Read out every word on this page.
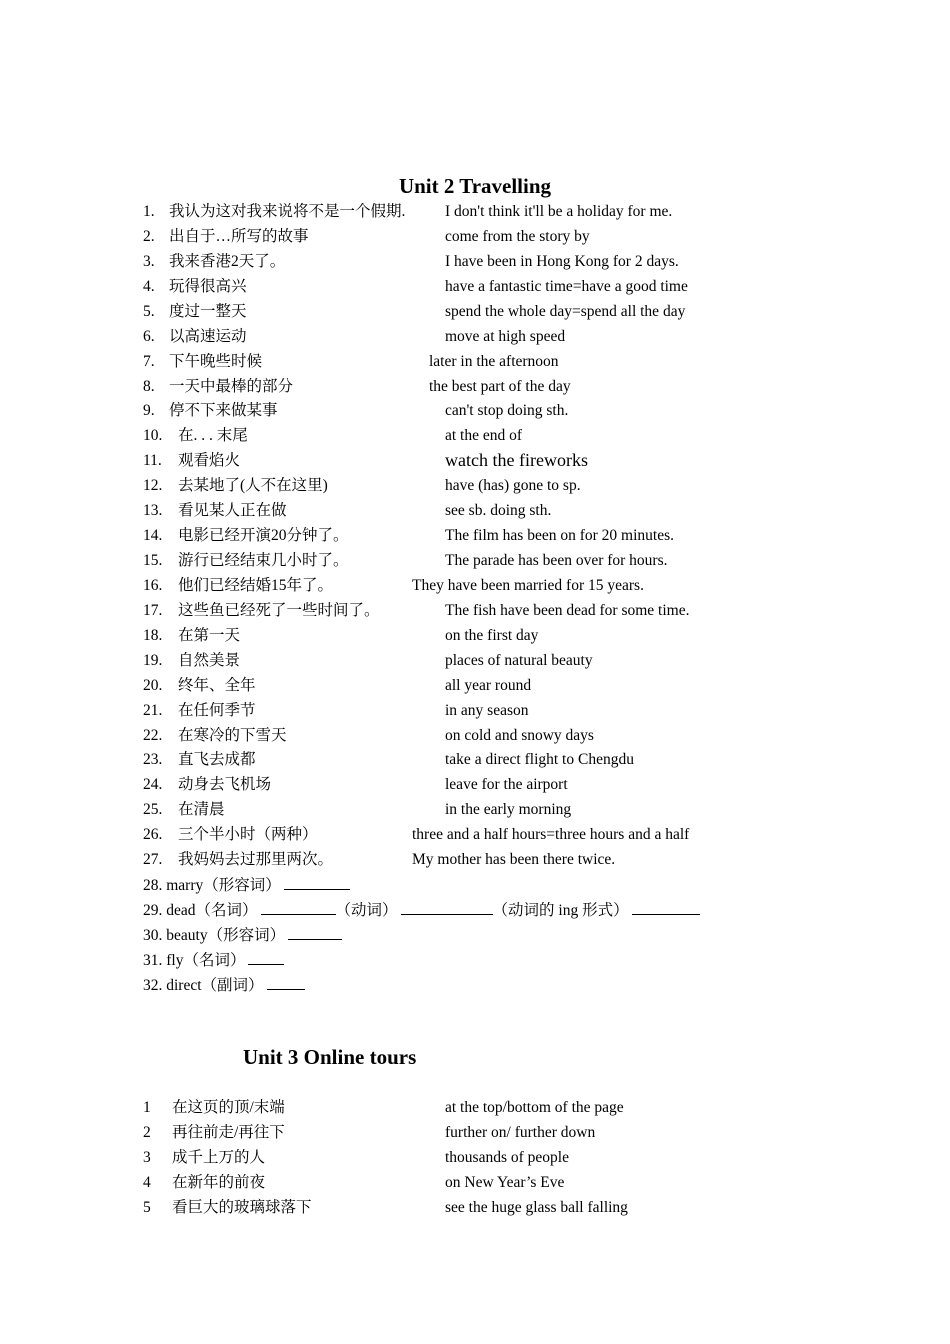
Unit 2 Travelling
1. 我认为这对我来说将不是一个假期.	I don't think it'll be a holiday for me.
2. 出自于…所写的故事	come from the story by
3. 我来香港2天了。	I have been in Hong Kong for 2 days.
4. 玩得很高兴	have a fantastic time=have a good time
5. 度过一整天	spend the whole day=spend all the day
6. 以高速运动	move at high speed
7. 下午晚些时候	later in the afternoon
8. 一天中最棒的部分	the best part of the day
9. 停不下来做某事	can't stop doing sth.
10. 在. . . 末尾	at the end of
11. 观看焰火	watch the fireworks
12. 去某地了(人不在这里)	have (has) gone to sp.
13. 看见某人正在做	see sb. doing sth.
14. 电影已经开演20分钟了。	The film has been on for 20 minutes.
15. 游行已经结束几小时了。	The parade has been over for hours.
16. 他们已经结婚15年了。	They have been married for 15 years.
17. 这些鱼已经死了一些时间了。	The fish have been dead for some time.
18. 在第一天	on the first day
19. 自然美景	places of natural beauty
20. 终年、全年	all year round
21. 在任何季节	in any season
22. 在寒冷的下雪天	on cold and snowy days
23. 直飞去成都	take a direct flight to Chengdu
24. 动身去飞机场	leave for the airport
25. 在清晨	in the early morning
26. 三个半小时（两种）	three and a half hours=three hours and a half
27. 我妈妈去过那里两次。	My mother has been there twice.
28. marry（形容词）
29. dead（名词）	（动词）	（动词的 ing 形式）
30. beauty（形容词）
31. fly（名词）
32. direct（副词）
Unit 3 Online tours
1 在这页的顶/末端	at the top/bottom of the page
2 再往前走/再往下	further on/ further down
3 成千上万的人	thousands of people
4 在新年的前夜	on New Year’s Eve
5 看巨大的玻璃球落下	see the huge glass ball falling
